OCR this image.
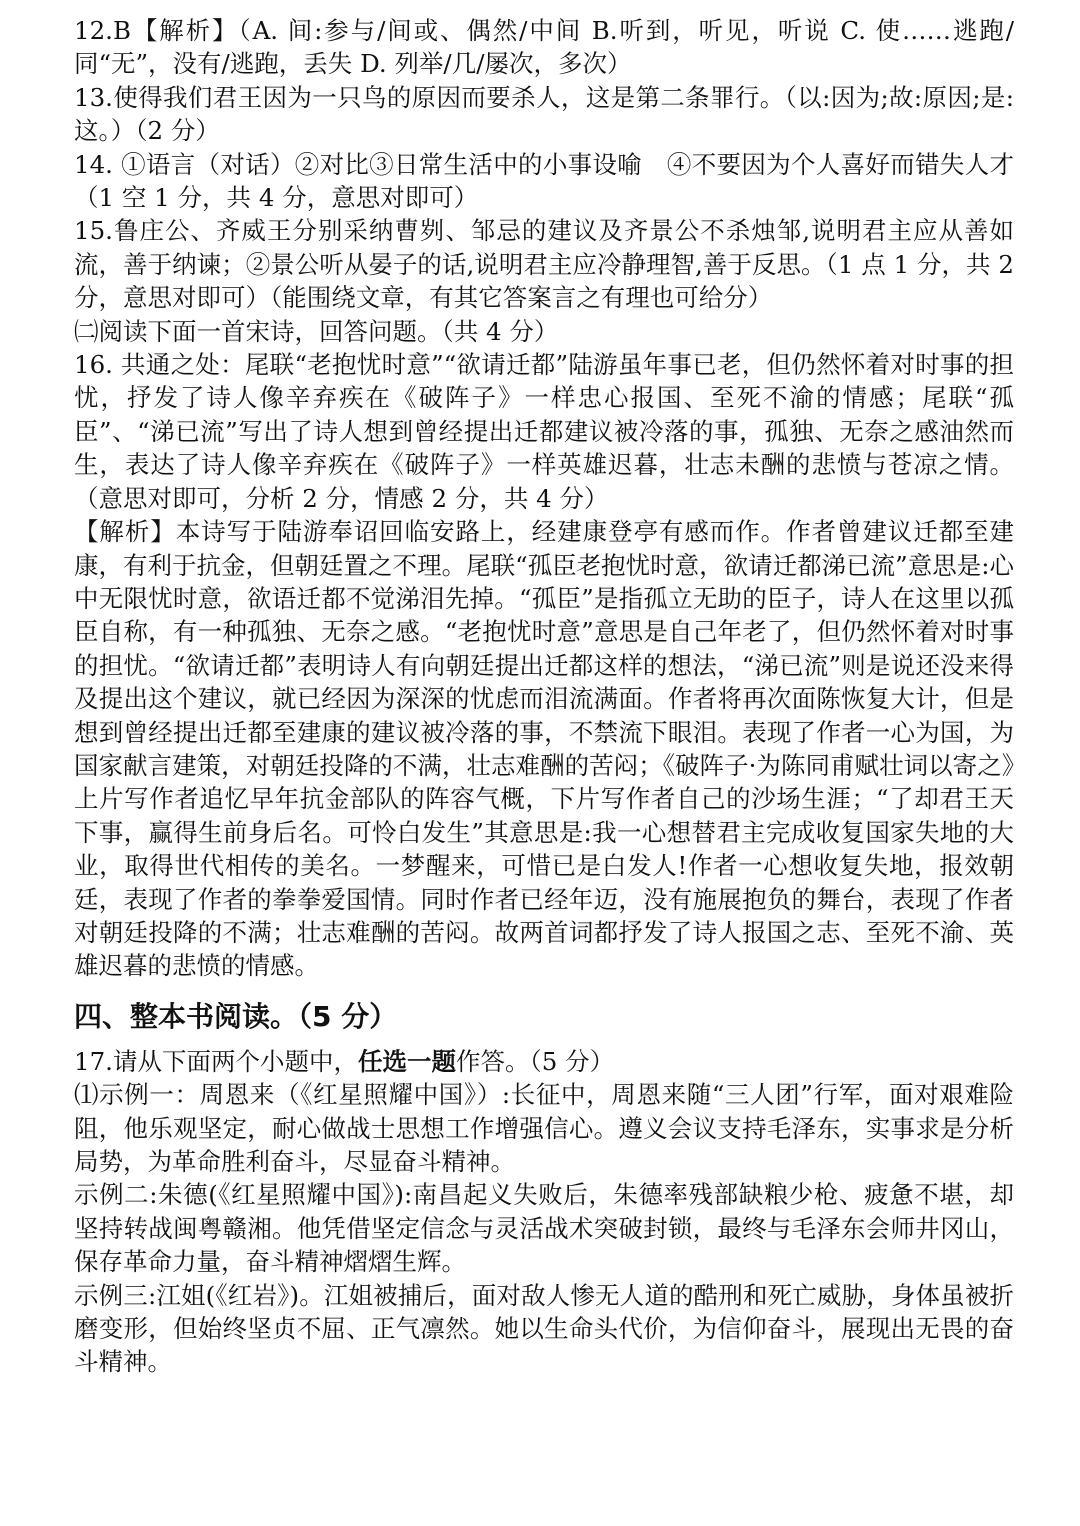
12.B【解析】（A. 间:参与/间或、偶然/中间 B.听到，听见，听说 C. 使……逃跑/同“无”，没有/逃跑，丢失 D. 列举/几/屡次，多次）

13.使得我们君王因为一只鸟的原因而要杀人，这是第二条罪行。（以:因为;故:原因;是:这。）（2 分）

14. ①语言（对话）②对比③日常生活中的小事设喻　④不要因为个人喜好而错失人才（1 空 1 分，共 4 分，意思对即可）

15.鲁庄公、齐威王分别采纳曹刿、邹忌的建议及齐景公不杀烛邹,说明君主应从善如流，善于纳谏；②景公听从晏子的话,说明君主应冷静理智,善于反思。（1 点 1 分，共 2 分，意思对即可）（能围绕文章，有其它答案言之有理也可给分）

㈡阅读下面一首宋诗，回答问题。（共 4 分）

16. 共通之处：尾联“老抱忧时意”“欲请迁都”陆游虽年事已老，但仍然怀着对时事的担忧，抒发了诗人像辛弃疾在《破阵子》一样忠心报国、至死不渝的情感；尾联“孤臣”、“涕已流”写出了诗人想到曾经提出迁都建议被冷落的事，孤独、无奈之感油然而生，表达了诗人像辛弃疾在《破阵子》一样英雄迟暮，壮志未酬的悲愤与苍凉之情。（意思对即可，分析 2 分，情感 2 分，共 4 分）

【解析】本诗写于陆游奉诏回临安路上，经建康登亭有感而作。作者曾建议迁都至建康，有利于抗金，但朝廷置之不理。尾联“孤臣老抱忧时意，欲请迁都涕已流”意思是:心中无限忧时意，欲语迁都不觉涕泪先掉。“孤臣”是指孤立无助的臣子，诗人在这里以孤臣自称，有一种孤独、无奈之感。“老抱忧时意”意思是自己年老了，但仍然怀着对时事的担忧。“欲请迁都”表明诗人有向朝廷提出迁都这样的想法，“涕已流”则是说还没来得及提出这个建议，就已经因为深深的忧虑而泪流满面。作者将再次面陈恢复大计，但是想到曾经提出迁都至建康的建议被冷落的事，不禁流下眼泪。表现了作者一心为国，为国家献言建策，对朝廷投降的不满，壮志难酬的苦闷；《破阵子·为陈同甫赋壮词以寄之》上片写作者追忆早年抗金部队的阵容气概，下片写作者自己的沙场生涯；“了却君王天下事，赢得生前身后名。可怜白发生”其意思是:我一心想替君主完成收复国家失地的大业，取得世代相传的美名。一梦醒来，可惜已是白发人!作者一心想收复失地，报效朝廷，表现了作者的拳拳爱国情。同时作者已经年迈，没有施展抱负的舞台，表现了作者对朝廷投降的不满；壮志难酬的苦闷。故两首词都抒发了诗人报国之志、至死不渝、英雄迟暮的悲愤的情感。

四、整本书阅读。（5 分）

17.请从下面两个小题中，任选一题作答。（5 分）

⑴示例一：周恩来（《红星照耀中国》）:长征中，周恩来随“三人团”行军，面对艰难险阻，他乐观坚定，耐心做战士思想工作增强信心。遵义会议支持毛泽东，实事求是分析局势，为革命胜利奋斗，尽显奋斗精神。

示例二:朱德(《红星照耀中国》):南昌起义失败后，朱德率残部缺粮少枪、疲惫不堪，却坚持转战闽粤赣湘。他凭借坚定信念与灵活战术突破封锁，最终与毛泽东会师井冈山，保存革命力量，奋斗精神熠熠生辉。

示例三:江姐(《红岩》)。江姐被捕后，面对敌人惨无人道的酷刑和死亡威胁，身体虽被折磨变形，但始终坚贞不屈、正气凛然。她以生命头代价，为信仰奋斗，展现出无畏的奋斗精神。
